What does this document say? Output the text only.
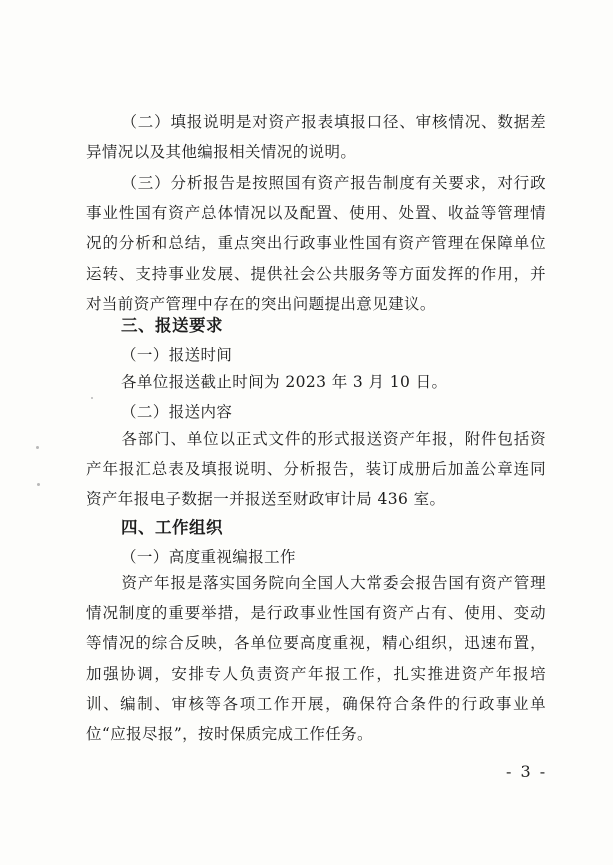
（二）填报说明是对资产报表填报口径、审核情况、数据差异情况以及其他编报相关情况的说明。

（三）分析报告是按照国有资产报告制度有关要求，对行政事业性国有资产总体情况以及配置、使用、处置、收益等管理情况的分析和总结，重点突出行政事业性国有资产管理在保障单位运转、支持事业发展、提供社会公共服务等方面发挥的作用，并对当前资产管理中存在的突出问题提出意见建议。

三、报送要求
（一）报送时间

各单位报送截止时间为 2023 年 3 月 10 日。

（二）报送内容

各部门、单位以正式文件的形式报送资产年报，附件包括资产年报汇总表及填报说明、分析报告，装订成册后加盖公章连同资产年报电子数据一并报送至财政审计局 436 室。

四、工作组织
（一）高度重视编报工作

资产年报是落实国务院向全国人大常委会报告国有资产管理情况制度的重要举措，是行政事业性国有资产占有、使用、变动等情况的综合反映，各单位要高度重视，精心组织，迅速布置，加强协调，安排专人负责资产年报工作，扎实推进资产年报培训、编制、审核等各项工作开展，确保符合条件的行政事业单位“应报尽报”，按时保质完成工作任务。

- 3 -
